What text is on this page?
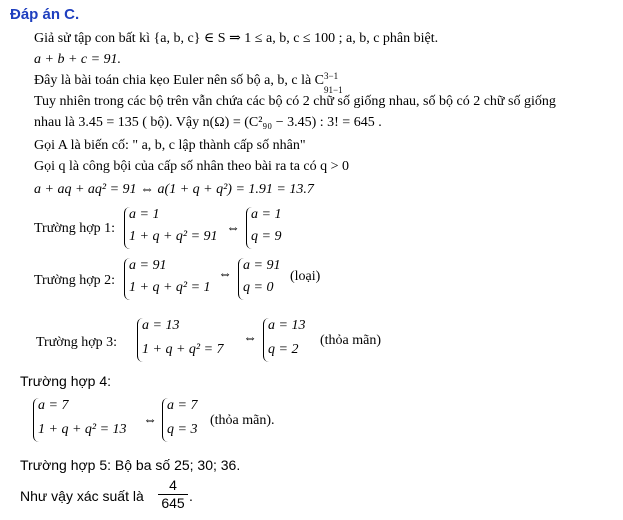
Đáp án C.
Giả sử tập con bất kì {a, b, c} ∈ S ⇒ 1 ≤ a, b, c ≤ 100 ; a, b, c phân biệt.
a + b + c = 91.
Đây là bài toán chia kẹo Euler nên số bộ a, b, c là C 3−1
91−1
Tuy nhiên trong các bộ trên vẫn chứa các bộ có 2 chữ số giống nhau, số bộ có 2 chữ số giống
nhau là 3.45 = 135 ( bộ). Vậy n(Ω) = (C²₉₀ − 3.45) : 3! = 645 .
Gọi A là biến cố: " a, b, c lập thành cấp số nhân"
Gọi q là công bội của cấp số nhân theo bài ra ta có q > 0
a + aq + aq² = 91 ⇔ a(1 + q + q²) = 1.91 = 13.7
Trường hợp 1:
a = 1
1 + q + q² = 91
⇔
a = 1
q = 9
Trường hợp 2:
a = 91
1 + q + q² = 1
⇔
a = 91
q = 0
(loại)
Trường hợp 3:
a = 13
1 + q + q² = 7
⇔
a = 13
q = 2
(thỏa mãn)
Trường hợp 4:
a = 7
1 + q + q² = 13
⇔
a = 7
q = 3
(thỏa mãn).
Trường hợp 5: Bộ ba số 25; 30; 36.
Như vậy xác suất là
4
645 .
